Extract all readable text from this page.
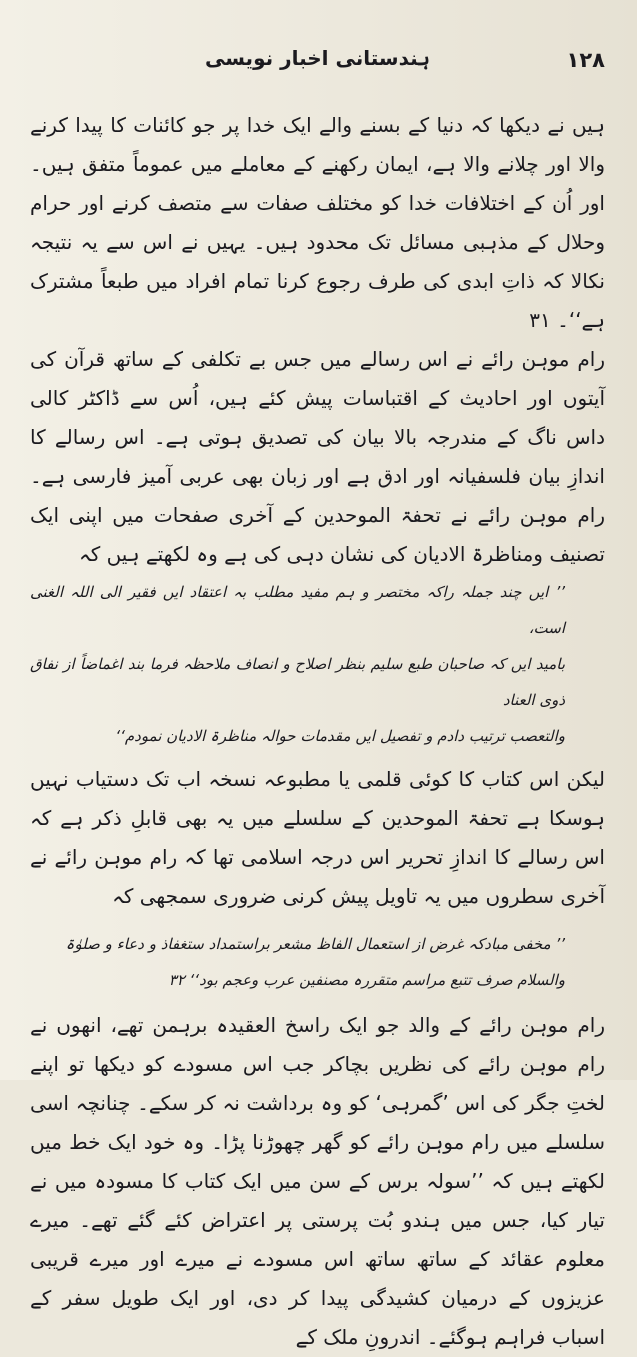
١٢٨
ہندستانی اخبار نویسی

ہیں نے دیکھا کہ دنیا کے بسنے والے ایک خدا پر جو کائنات کا پیدا کرنے والا اور چلانے والا ہے، ایمان رکھنے کے معاملے میں عموماً متفق ہیں۔ اور اُن کے اختلافات خدا کو مختلف صفات سے متصف کرنے اور حرام وحلال کے مذہبی مسائل تک محدود ہیں۔ یہیں نے اس سے یہ نتیجہ نکالا کہ ذاتِ ابدی کی طرف رجوع کرنا تمام افراد میں طبعاً مشترک ہے‘‘۔ ٣١

رام موہن رائے نے اس رسالے میں جس بے تکلفی کے ساتھ قرآن کی آیتوں اور احادیث کے اقتباسات پیش کئے ہیں، اُس سے ڈاکٹر کالی داس ناگ کے مندرجہ بالا بیان کی تصدیق ہوتی ہے۔ اس رسالے کا اندازِ بیان فلسفیانہ اور ادق ہے اور زبان بھی عربی آمیز فارسی ہے۔ رام موہن رائے نے تحفۃ الموحدین کے آخری صفحات میں اپنی ایک تصنیف ومناظرۃ الادیان کی نشان دہی کی ہے وہ لکھتے ہیں کہ

’’ ایں چند جملہ راکہ مختصر و ہم مفید مطلب بہ اعتقاد ایں فقیر الی اللہ الغنی است،
بامید ایں کہ صاحبان طبع سلیم بنظر اصلاح و انصاف ملاحظہ فرما بند اغماضاً از نفاق ذوی العناد
والتعصب ترتیب دادم و تفصیل ایں مقدمات حوالہ مناظرۃ الادیان نمودم‘‘

لیکن اس کتاب کا کوئی قلمی یا مطبوعہ نسخہ اب تک دستیاب نہیں ہوسکا ہے تحفۃ الموحدین کے سلسلے میں یہ بھی قابلِ ذکر ہے کہ اس رسالے کا اندازِ تحریر اس درجہ اسلامی تھا کہ رام موہن رائے نے آخری سطروں میں یہ تاویل پیش کرنی ضروری سمجھی کہ

’’ مخفی مبادکہ غرض از استعمال الفاظ مشعر براستمداد ستغفاذ و دعاء و صلوٰۃ
والسلام صرف تتبع مراسم متقررہ مصنفین عرب وعجم بود‘‘ ٣٢

رام موہن رائے کے والد جو ایک راسخ العقیدہ برہمن تھے، انھوں نے رام موہن رائے کی نظریں بچاکر جب اس مسودے کو دیکھا تو اپنے لختِ جگر کی اس ’گمرہی‘ کو وہ برداشت نہ کر سکے۔ چنانچہ اسی سلسلے میں رام موہن رائے کو گھر چھوڑنا پڑا۔ وہ خود ایک خط میں لکھتے ہیں کہ ’’سولہ برس کے سن میں ایک کتاب کا مسودہ میں نے تیار کیا، جس میں ہندو بُت پرستی پر اعتراض کئے گئے تھے۔ میرے معلوم عقائد کے ساتھ ساتھ اس مسودے نے میرے اور میرے قریبی عزیزوں کے درمیان کشیدگی پیدا کر دی، اور ایک طویل سفر کے اسباب فراہم ہوگئے۔ اندرونِ ملک کے
